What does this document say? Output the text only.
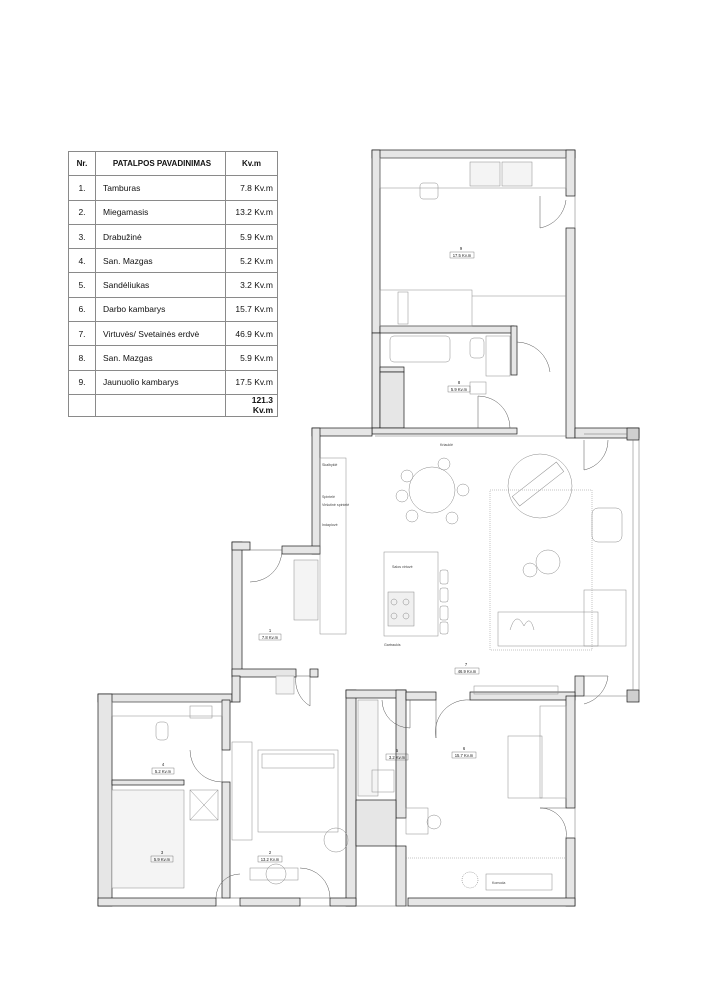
Nr.	PATALPOS PAVADINIMAS	Kv.m
1.	Tamburas	7.8 Kv.m
2.	Miegamasis	13.2 Kv.m
3.	Drabužinė	5.9 Kv.m
4.	San. Mazgas	5.2 Kv.m
5.	Sandėliukas	3.2 Kv.m
6.	Darbo kambarys	15.7 Kv.m
7.	Virtuvės/ Svetainės erdvė	46.9 Kv.m
8.	San. Mazgas	5.9 Kv.m
9.	Jaunuolio kambarys	17.5 Kv.m
		121.3 Kv.m
9
17.5 Kv.m
8
5.9 Kv.m
1
7.8 Kv.m
7
46.9 Kv.m
4
5.2 Kv.m
5
3.2 Kv.m
6
15.7 Kv.m
3
5.9 Kv.m
2
13.2 Kv.m
Skalbyklė
Spintelė
Viršutinė spintelė
Indaplovė
Salos virtuvė
Gartraukis
Kriauklė
Komoda
